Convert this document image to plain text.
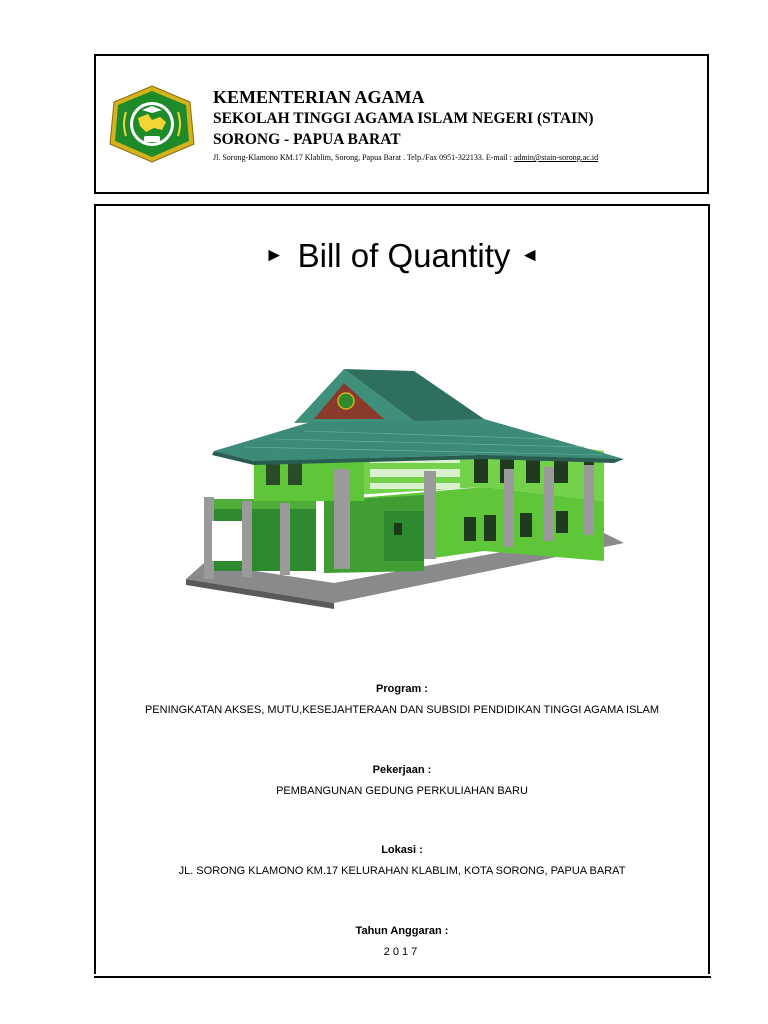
KEMENTERIAN AGAMA
SEKOLAH TINGGI AGAMA ISLAM NEGERI (STAIN)
SORONG - PAPUA BARAT
Jl. Sorong-Klamono KM.17 Klablim, Sorong, Papua Barat . Telp./Fax 0951-322133. E-mail : admin@stain-sorong.ac.id
► Bill of Quantity ◄
Program :
PENINGKATAN AKSES, MUTU,KESEJAHTERAAN DAN SUBSIDI PENDIDIKAN TINGGI AGAMA ISLAM
Pekerjaan :
PEMBANGUNAN GEDUNG PERKULIAHAN BARU
Lokasi :
JL. SORONG KLAMONO KM.17 KELURAHAN KLABLIM, KOTA SORONG, PAPUA BARAT
Tahun Anggaran :
2017
